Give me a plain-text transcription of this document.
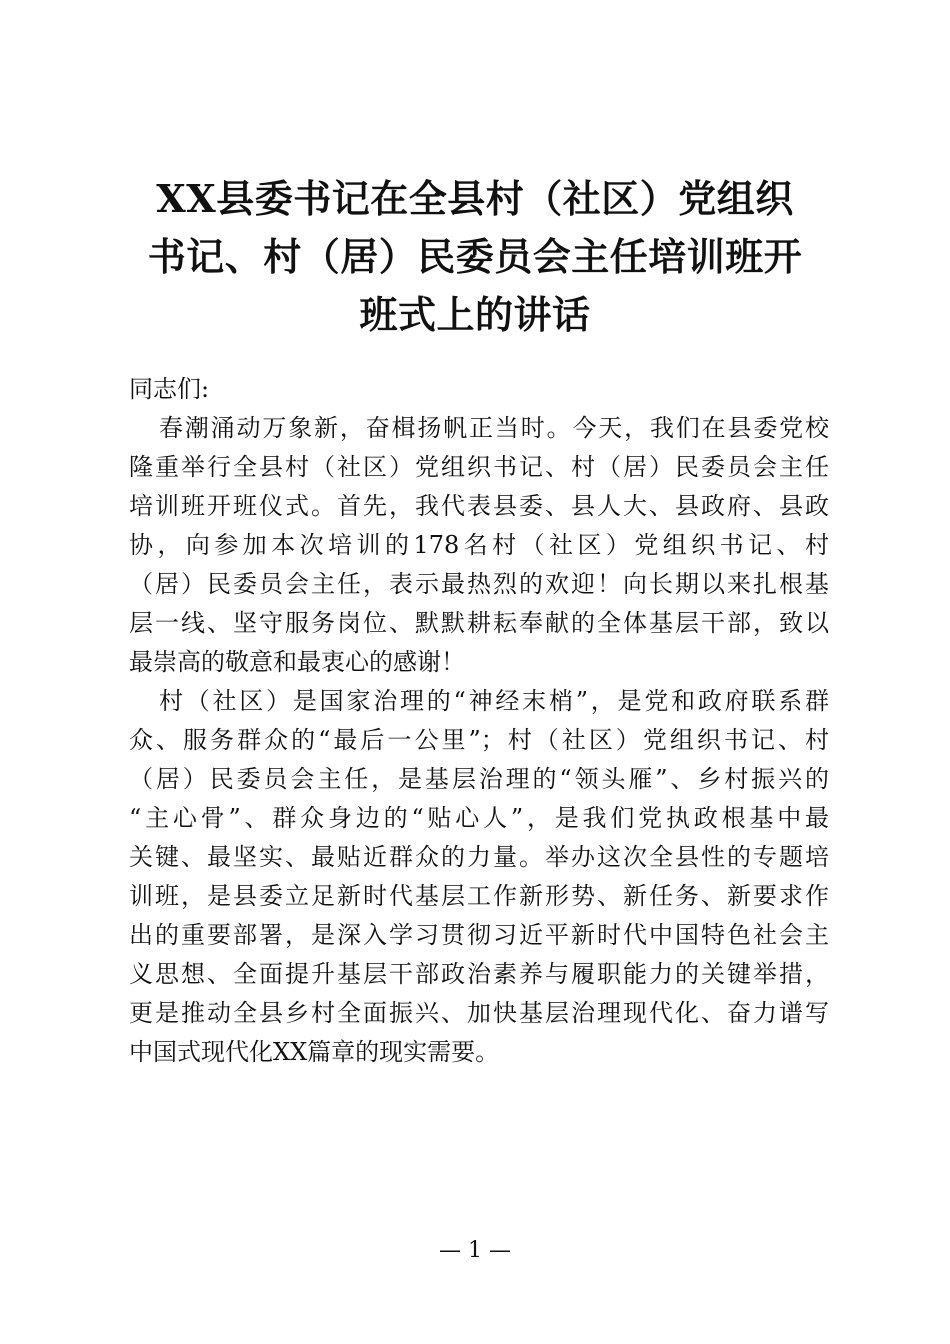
XX县委书记在全县村（社区）党组织
书记、村（居）民委员会主任培训班开
班式上的讲话

同志们:

春潮涌动万象新，奋楫扬帆正当时。今天，我们在县委党校
隆重举行全县村（社区）党组织书记、村（居）民委员会主任
培训班开班仪式。首先，我代表县委、县人大、县政府、县政
协，向参加本次培训的178名村（社区）党组织书记、村
（居）民委员会主任，表示最热烈的欢迎！向长期以来扎根基
层一线、坚守服务岗位、默默耕耘奉献的全体基层干部，致以
最崇高的敬意和最衷心的感谢！

村（社区）是国家治理的“神经末梢”，是党和政府联系群
众、服务群众的“最后一公里”；村（社区）党组织书记、村
（居）民委员会主任，是基层治理的“领头雁”、乡村振兴的
“主心骨”、群众身边的“贴心人”，是我们党执政根基中最
关键、最坚实、最贴近群众的力量。举办这次全县性的专题培
训班，是县委立足新时代基层工作新形势、新任务、新要求作
出的重要部署，是深入学习贯彻习近平新时代中国特色社会主
义思想、全面提升基层干部政治素养与履职能力的关键举措，
更是推动全县乡村全面振兴、加快基层治理现代化、奋力谱写
中国式现代化XX篇章的现实需要。

— 1 —
